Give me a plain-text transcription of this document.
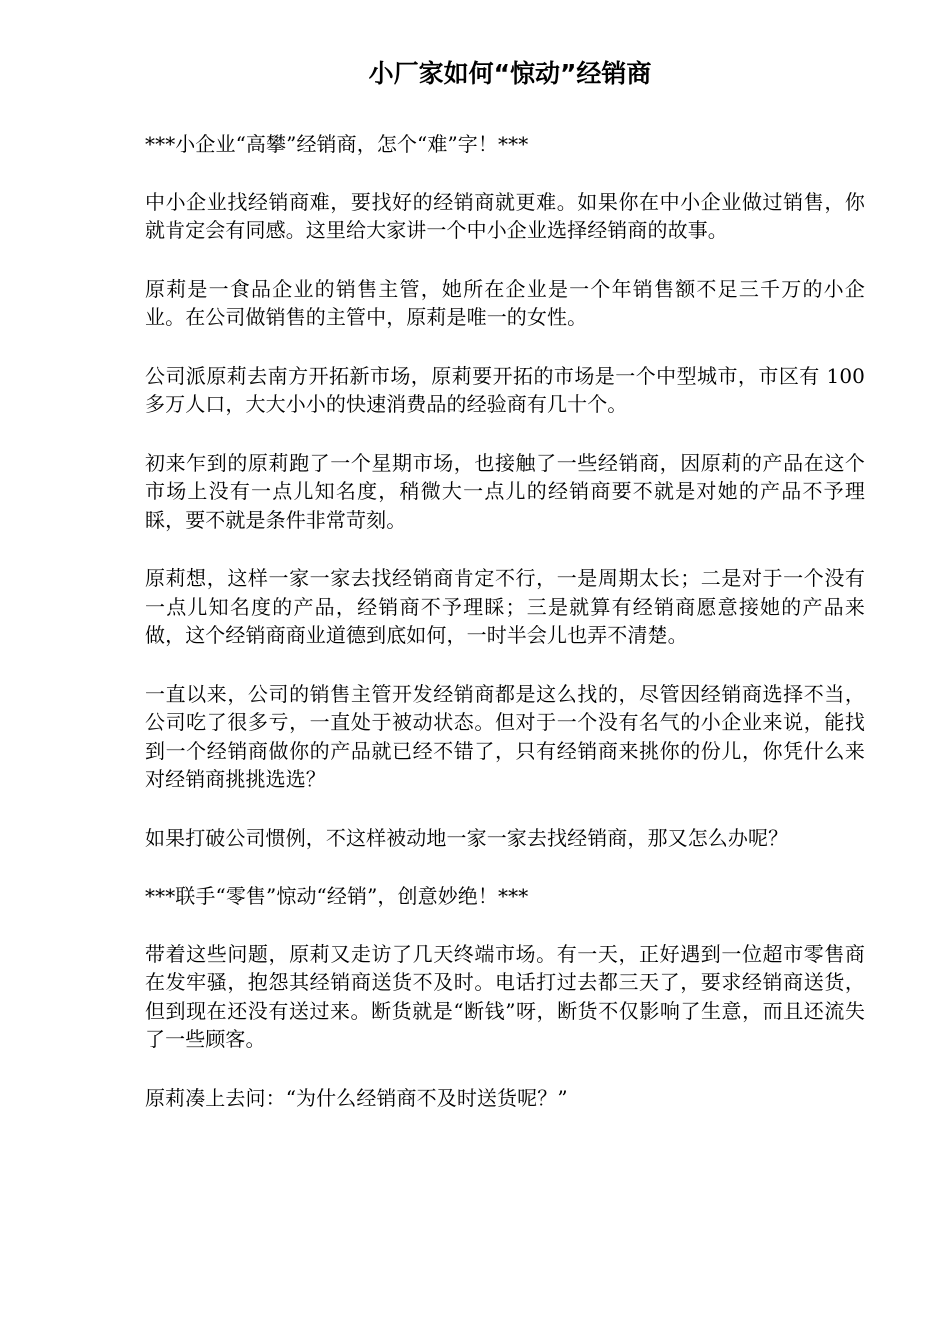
小厂家如何“惊动”经销商

***小企业“高攀”经销商，怎个“难”字！***

中小企业找经销商难，要找好的经销商就更难。如果你在中小企业做过销售，你就肯定会有同感。这里给大家讲一个中小企业选择经销商的故事。

原莉是一食品企业的销售主管，她所在企业是一个年销售额不足三千万的小企业。在公司做销售的主管中，原莉是唯一的女性。

公司派原莉去南方开拓新市场，原莉要开拓的市场是一个中型城市，市区有 100 多万人口，大大小小的快速消费品的经验商有几十个。

初来乍到的原莉跑了一个星期市场，也接触了一些经销商，因原莉的产品在这个市场上没有一点儿知名度，稍微大一点儿的经销商要不就是对她的产品不予理睬，要不就是条件非常苛刻。

原莉想，这样一家一家去找经销商肯定不行，一是周期太长；二是对于一个没有一点儿知名度的产品，经销商不予理睬；三是就算有经销商愿意接她的产品来做，这个经销商商业道德到底如何，一时半会儿也弄不清楚。

一直以来，公司的销售主管开发经销商都是这么找的，尽管因经销商选择不当，公司吃了很多亏，一直处于被动状态。但对于一个没有名气的小企业来说，能找到一个经销商做你的产品就已经不错了，只有经销商来挑你的份儿，你凭什么来对经销商挑挑选选？

如果打破公司惯例，不这样被动地一家一家去找经销商，那又怎么办呢？

***联手“零售”惊动“经销”，创意妙绝！***

带着这些问题，原莉又走访了几天终端市场。有一天，正好遇到一位超市零售商在发牢骚，抱怨其经销商送货不及时。电话打过去都三天了，要求经销商送货，但到现在还没有送过来。断货就是“断钱”呀，断货不仅影响了生意，而且还流失了一些顾客。

原莉凑上去问：“为什么经销商不及时送货呢？”
